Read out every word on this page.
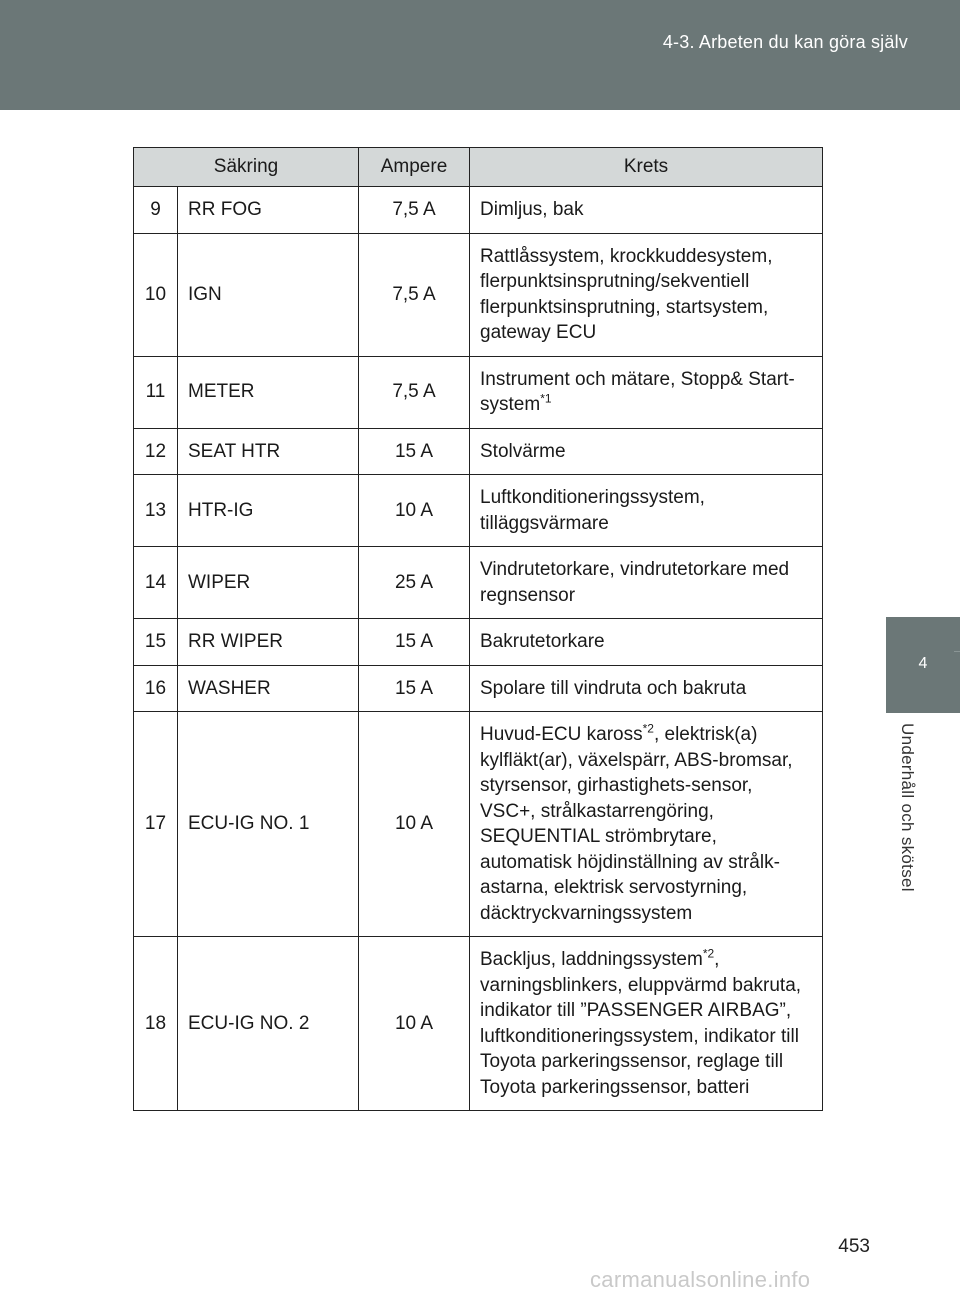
4-3. Arbeten du kan göra själv
4
Underhåll och skötsel
Säkring		Ampere	Krets
9	RR FOG	7,5 A	Dimljus, bak
10	IGN	7,5 A	Rattlåssystem, krockkuddesystem, flerpunktsinsprutning/sekventiell flerpunktsinsprutning, startsystem, gateway ECU
11	METER	7,5 A	Instrument och mätare, Stopp& Start-system$^{*1}$
12	SEAT HTR	15 A	Stolvärme
13	HTR-IG	10 A	Luftkonditioneringssystem, tilläggsvärmare
14	WIPER	25 A	Vindrutetorkare, vindrutetorkare med regnsensor
15	RR WIPER	15 A	Bakrutetorkare
16	WASHER	15 A	Spolare till vindruta och bakruta
17	ECU-IG NO. 1	10 A	Huvud-ECU kaross$^{*2}$, elektrisk(a) kylfläkt(ar), växelspärr, ABS-bromsar, styrsensor, girhastighets-sensor, VSC+, strålkastarrengöring, SEQUENTIAL strömbrytare, automatisk höjdinställning av strålk-astarna, elektrisk servostyrning, däcktryckvarningssystem
18	ECU-IG NO. 2	10 A	Backljus, laddningssystem$^{*2}$, varningsblinkers, eluppvärmd bakruta, indikator till ”PASSENGER AIRBAG”, luftkonditioneringssystem, indikator till Toyota parkeringssensor, reglage till Toyota parkeringssensor, batteri
453
carmanualsonline.info
